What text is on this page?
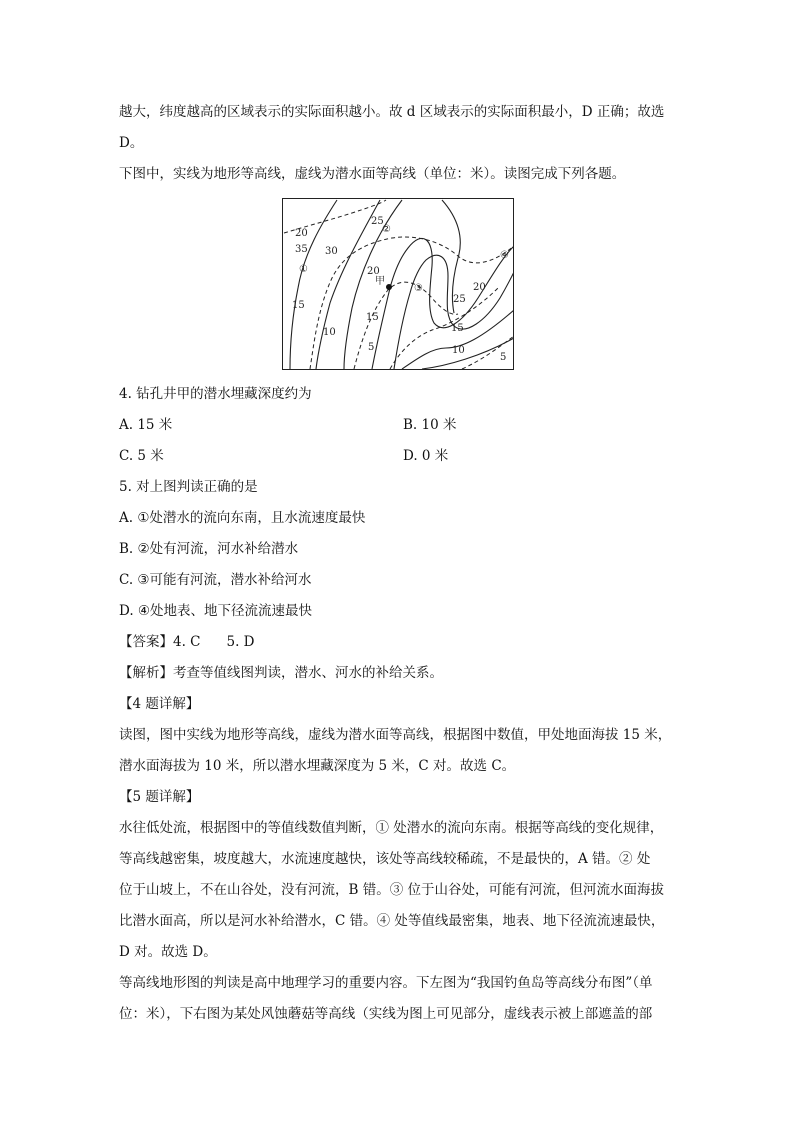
越大，纬度越高的区域表示的实际面积越小。故 d 区域表示的实际面积最小，D 正确；故选
D。
下图中，实线为地形等高线，虚线为潜水面等高线（单位：米）。读图完成下列各题。
20
35 30
25
20
15
10
15
5
25
20
15
10
5
甲
①
②
③
④
4. 钻孔井甲的潜水埋藏深度约为
A. 15 米	B. 10 米
C. 5 米	D. 0 米
5. 对上图判读正确的是
A. ①处潜水的流向东南，且水流速度最快
B. ②处有河流，河水补给潜水
C. ③可能有河流，潜水补给河水
D. ④处地表、地下径流流速最快
【答案】4. C 5. D
【解析】考查等值线图判读，潜水、河水的补给关系。
【4 题详解】
读图，图中实线为地形等高线，虚线为潜水面等高线，根据图中数值，甲处地面海拔 15 米，
潜水面海拔为 10 米，所以潜水埋藏深度为 5 米，C 对。故选 C。
【5 题详解】
水往低处流，根据图中的等值线数值判断，① 处潜水的流向东南。根据等高线的变化规律，
等高线越密集，坡度越大，水流速度越快，该处等高线较稀疏，不是最快的，A 错。② 处
位于山坡上，不在山谷处，没有河流，B 错。③ 位于山谷处，可能有河流，但河流水面海拔
比潜水面高，所以是河水补给潜水，C 错。④ 处等值线最密集，地表、地下径流流速最快，
D 对。故选 D。
等高线地形图的判读是高中地理学习的重要内容。下左图为“我国钓鱼岛等高线分布图”（单
位：米），下右图为某处风蚀蘑菇等高线（实线为图上可见部分，虚线表示被上部遮盖的部
